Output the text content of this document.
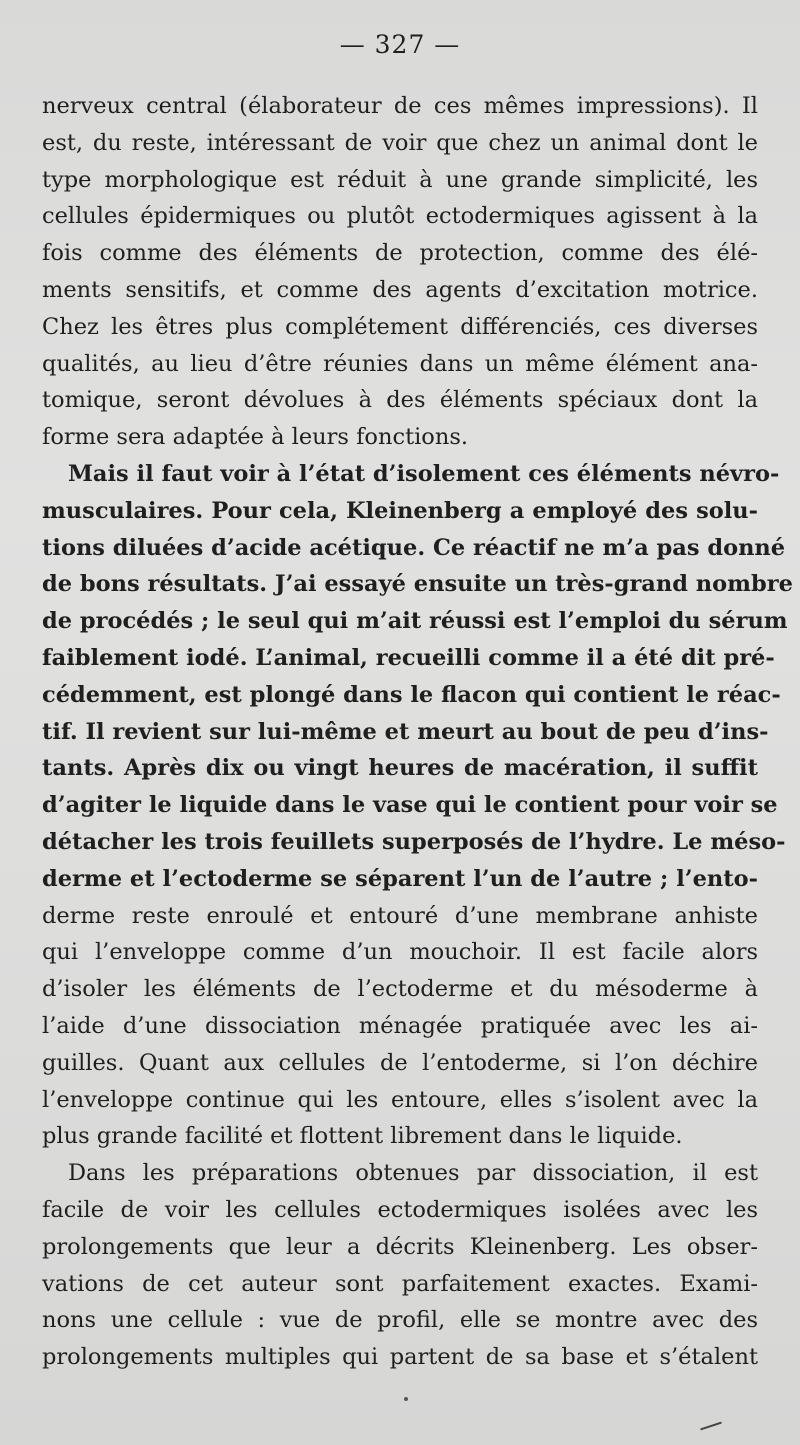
— 327 —
nerveux central (élaborateur de ces mêmes impressions). Il
est, du reste, intéressant de voir que chez un animal dont le
type morphologique est réduit à une grande simplicité, les
cellules épidermiques ou plutôt ectodermiques agissent à la
fois comme des éléments de protection, comme des élé-
ments sensitifs, et comme des agents d’excitation motrice.
Chez les êtres plus complétement différenciés, ces diverses
qualités, au lieu d’être réunies dans un même élément ana-
tomique, seront dévolues à des éléments spéciaux dont la
forme sera adaptée à leurs fonctions.
Mais il faut voir à l’état d’isolement ces éléments névro-
musculaires. Pour cela, Kleinenberg a employé des solu-
tions diluées d’acide acétique. Ce réactif ne m’a pas donné
de bons résultats. J’ai essayé ensuite un très-grand nombre
de procédés ; le seul qui m’ait réussi est l’emploi du sérum
faiblement iodé. L’animal, recueilli comme il a été dit pré-
cédemment, est plongé dans le flacon qui contient le réac-
tif. Il revient sur lui-même et meurt au bout de peu d’ins-
tants. Après dix ou vingt heures de macération, il suffit
d’agiter le liquide dans le vase qui le contient pour voir se
détacher les trois feuillets superposés de l’hydre. Le méso-
derme et l’ectoderme se séparent l’un de l’autre ; l’ento-
derme reste enroulé et entouré d’une membrane anhiste
qui l’enveloppe comme d’un mouchoir. Il est facile alors
d’isoler les éléments de l’ectoderme et du mésoderme à
l’aide d’une dissociation ménagée pratiquée avec les ai-
guilles. Quant aux cellules de l’entoderme, si l’on déchire
l’enveloppe continue qui les entoure, elles s’isolent avec la
plus grande facilité et flottent librement dans le liquide.
Dans les préparations obtenues par dissociation, il est
facile de voir les cellules ectodermiques isolées avec les
prolongements que leur a décrits Kleinenberg. Les obser-
vations de cet auteur sont parfaitement exactes. Exami-
nons une cellule : vue de profil, elle se montre avec des
prolongements multiples qui partent de sa base et s’étalent
